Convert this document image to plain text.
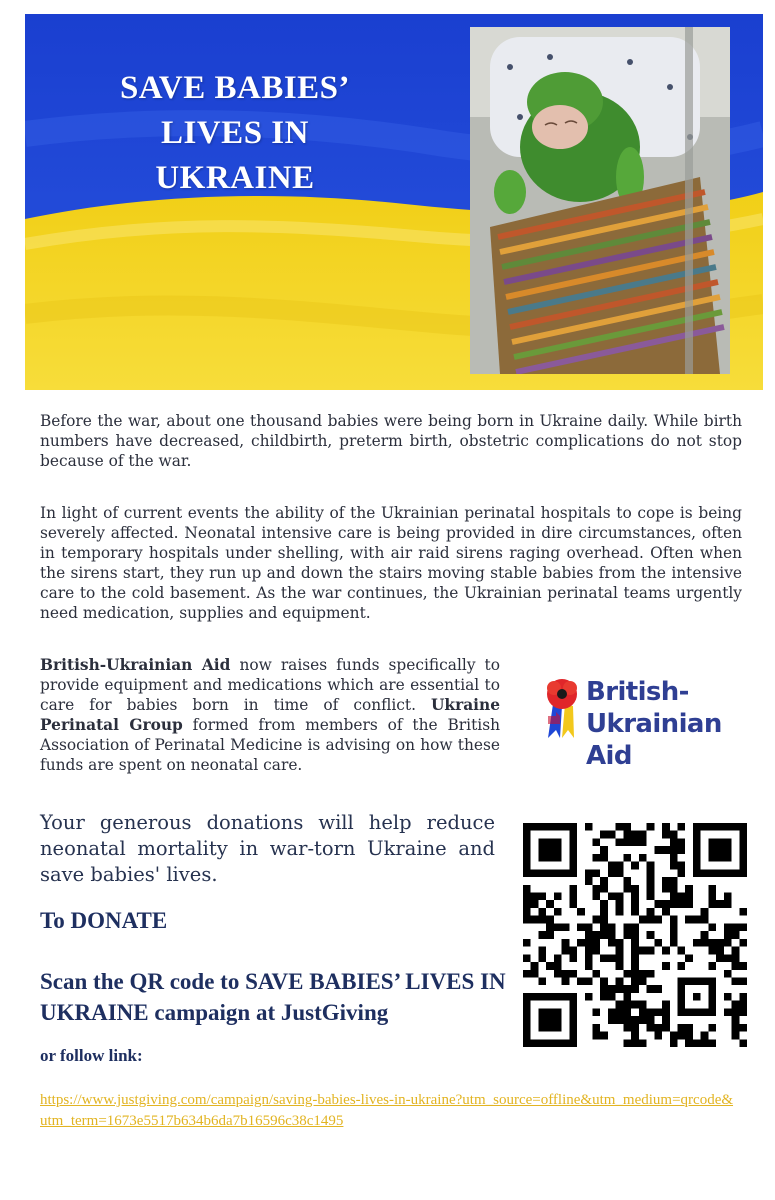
SAVE BABIES’ LIVES IN UKRAINE

Before the war, about one thousand babies were being born in Ukraine daily. While birth numbers have decreased, childbirth, preterm birth, obstetric complications do not stop because of the war.

In light of current events the ability of the Ukrainian perinatal hospitals to cope is being severely affected. Neonatal intensive care is being provided in dire circumstances, often in temporary hospitals under shelling, with air raid sirens raging overhead. Often when the sirens start, they run up and down the stairs moving stable babies from the intensive care to the cold basement. As the war continues, the Ukrainian perinatal teams urgently need medication, supplies and equipment.

British-Ukrainian Aid now raises funds specifically to provide equipment and medications which are essential to care for babies born in time of conflict. Ukraine Perinatal Group formed from members of the British Association of Perinatal Medicine is advising on how these funds are spent on neonatal care.

British-
Ukrainian
Aid

Your generous donations will help reduce neonatal mortality in war-torn Ukraine and save babies' lives.

To DONATE
Scan the QR code to SAVE BABIES’ LIVES IN UKRAINE campaign at JustGiving

or follow link:

https://www.justgiving.com/campaign/saving-babies-lives-in-ukraine?utm_source=offline&utm_medium=qrcode&utm_term=1673e5517b634b6da7b16596c38c1495
